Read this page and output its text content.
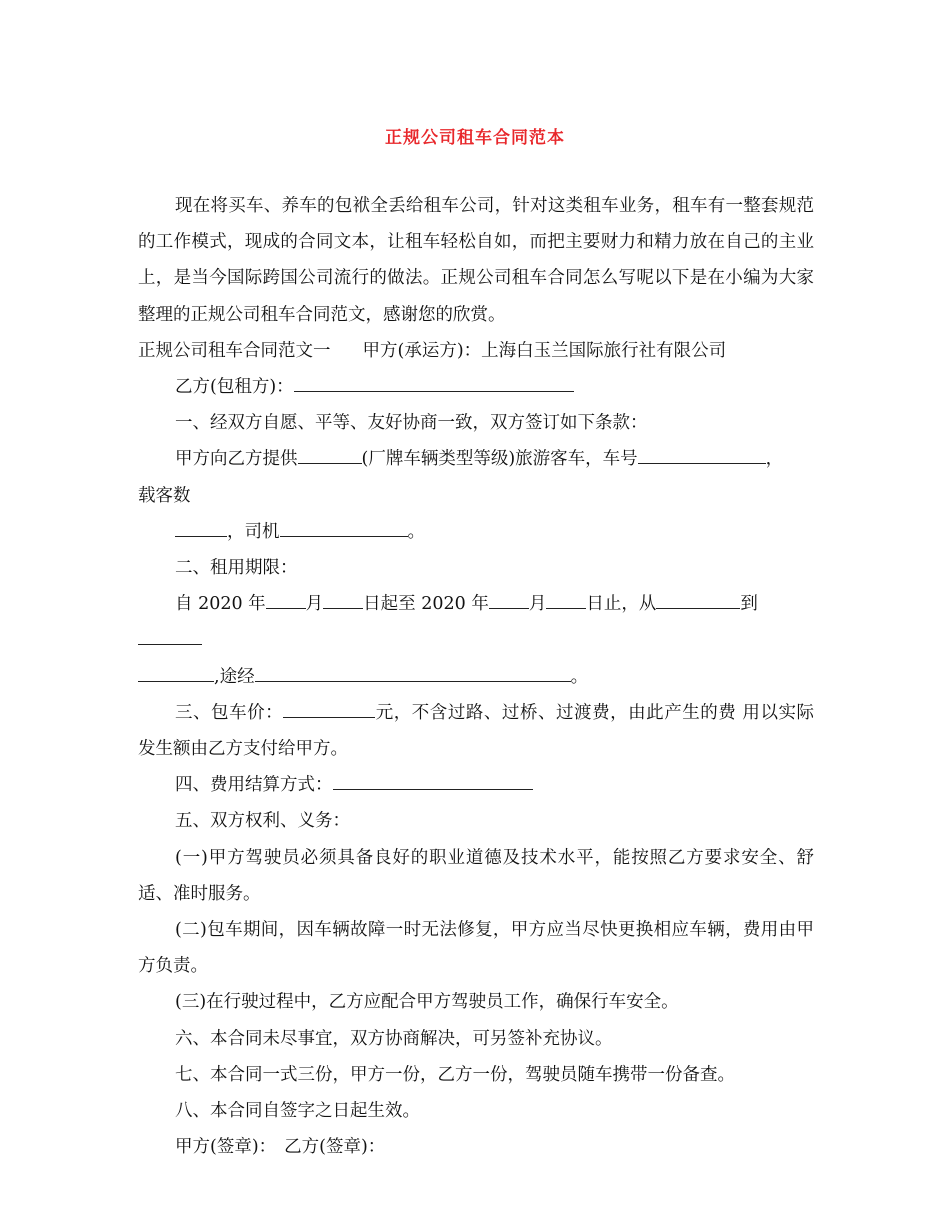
正规公司租车合同范本

现在将买车、养车的包袱全丢给租车公司，针对这类租车业务，租车有一整套规范的工作模式，现成的合同文本，让租车轻松自如，而把主要财力和精力放在自己的主业上，是当今国际跨国公司流行的做法。正规公司租车合同怎么写呢以下是在小编为大家整理的正规公司租车合同范文，感谢您的欣赏。

正规公司租车合同范文一 甲方(承运方)：上海白玉兰国际旅行社有限公司

乙方(包租方)：

一、经双方自愿、平等、友好协商一致，双方签订如下条款：

甲方向乙方提供	(厂牌车辆类型等级)旅游客车，车号	，

载客数

，司机	。

二、租用期限：

自 2020 年 月 日起至 2020 年 月 日止，从	到

,途经	。

三、包车价：	元，不含过路、过桥、过渡费，由此产生的费 用以实际发生额由乙方支付给甲方。

四、费用结算方式：

五、双方权利、义务：

(一)甲方驾驶员必须具备良好的职业道德及技术水平，能按照乙方要求安全、舒适、准时服务。

(二)包车期间，因车辆故障一时无法修复，甲方应当尽快更换相应车辆，费用由甲方负责。

(三)在行驶过程中，乙方应配合甲方驾驶员工作，确保行车安全。

六、本合同未尽事宜，双方协商解决，可另签补充协议。

七、本合同一式三份，甲方一份，乙方一份，驾驶员随车携带一份备查。

八、本合同自签字之日起生效。

甲方(签章)： 乙方(签章)：
